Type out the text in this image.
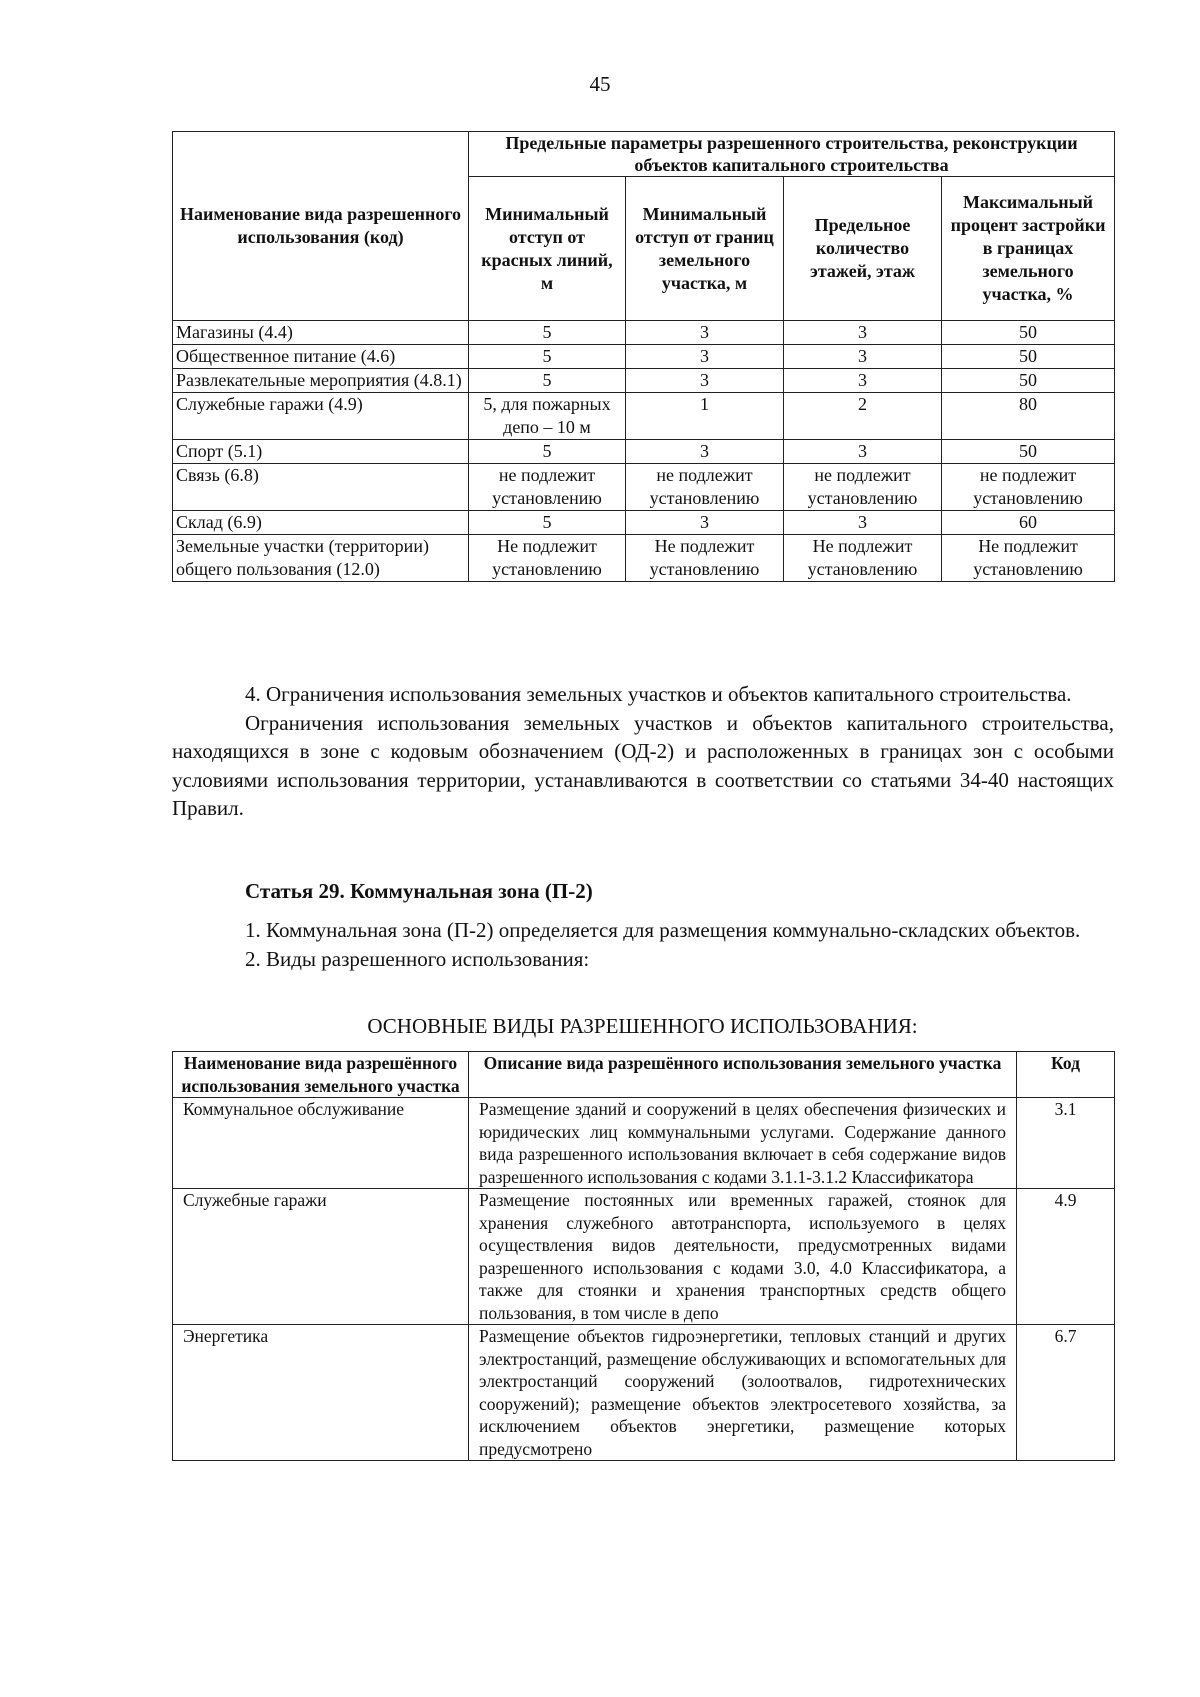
45
Наименование вида разрешенного использования (код)	Предельные параметры разрешенного строительства, реконструкции объектов капитального строительства			
	Минимальный отступ от красных линий, м	Минимальный отступ от границ земельного участка, м	Предельное количество этажей, этаж	Максимальный процент застройки в границах земельного участка, %
Магазины (4.4)	5	3	3	50
Общественное питание (4.6)	5	3	3	50
Развлекательные мероприятия (4.8.1)	5	3	3	50
Служебные гаражи (4.9)	5, для пожарных депо – 10 м	1	2	80
Спорт (5.1)	5	3	3	50
Связь (6.8)	не подлежит установлению	не подлежит установлению	не подлежит установлению	не подлежит установлению
Склад (6.9)	5	3	3	60
Земельные участки (территории) общего пользования (12.0)	Не подлежит установлению	Не подлежит установлению	Не подлежит установлению	Не подлежит установлению

4. Ограничения использования земельных участков и объектов капитального строительства.

Ограничения использования земельных участков и объектов капитального строительства, находящихся в зоне с кодовым обозначением (ОД-2) и расположенных в границах зон с особыми условиями использования территории, устанавливаются в соответствии со статьями 34-40 настоящих Правил.

Статья 29. Коммунальная зона (П-2)

1. Коммунальная зона (П-2) определяется для размещения коммунально-складских объектов.

2. Виды разрешенного использования:

ОСНОВНЫЕ ВИДЫ РАЗРЕШЕННОГО ИСПОЛЬЗОВАНИЯ:
Наименование вида разрешённого использования земельного участка	Описание вида разрешённого использования земельного участка	Код
Коммунальное обслуживание	Размещение зданий и сооружений в целях обеспечения физических и юридических лиц коммунальными услугами. Содержание данного вида разрешенного использования включает в себя содержание видов разрешенного использования с кодами 3.1.1-3.1.2 Классификатора	3.1
Служебные гаражи	Размещение постоянных или временных гаражей, стоянок для хранения служебного автотранспорта, используемого в целях осуществления видов деятельности, предусмотренных видами разрешенного использования с кодами 3.0, 4.0 Классификатора, а также для стоянки и хранения транспортных средств общего пользования, в том числе в депо	4.9
Энергетика	Размещение объектов гидроэнергетики, тепловых станций и других электростанций, размещение обслуживающих и вспомогательных для электростанций сооружений (золоотвалов, гидротехнических сооружений); размещение объектов электросетевого хозяйства, за исключением объектов энергетики, размещение которых предусмотрено	6.7
